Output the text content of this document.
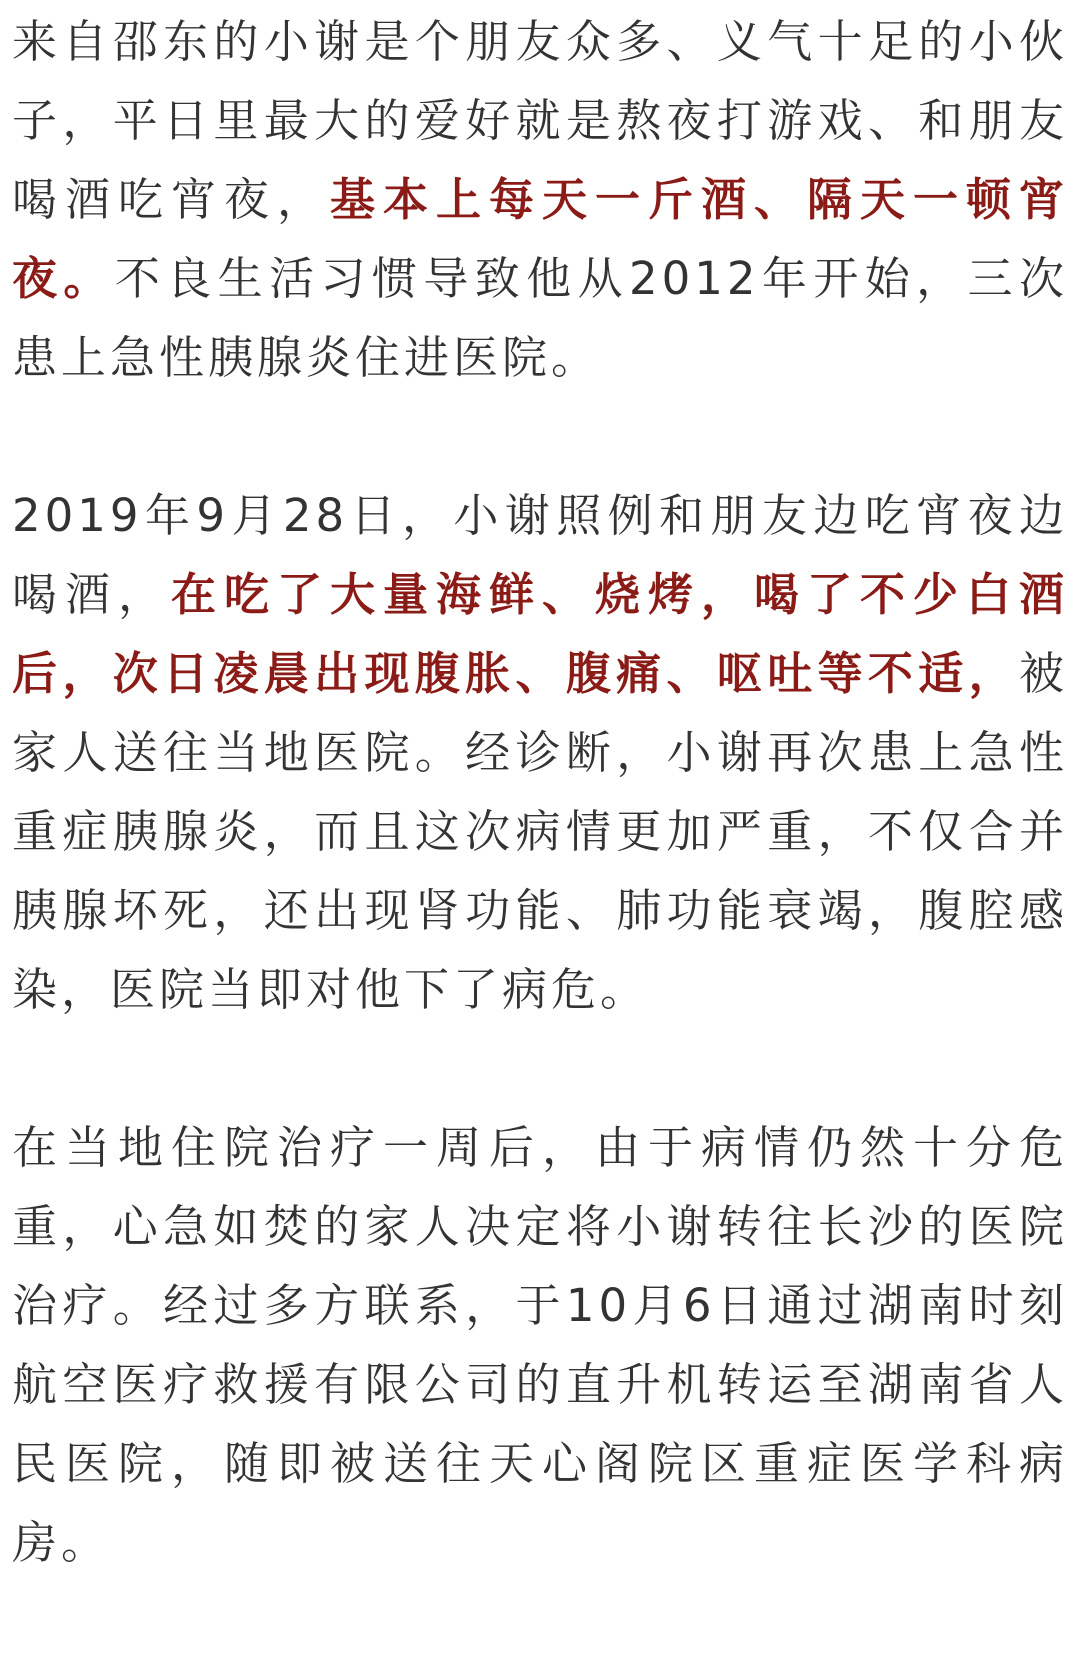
来自邵东的小谢是个朋友众多、义气十足的小伙子，平日里最大的爱好就是熬夜打游戏、和朋友喝酒吃宵夜，基本上每天一斤酒、隔天一顿宵夜。不良生活习惯导致他从2012年开始，三次患上急性胰腺炎住进医院。

2019年9月28日，小谢照例和朋友边吃宵夜边喝酒，在吃了大量海鲜、烧烤，喝了不少白酒后，次日凌晨出现腹胀、腹痛、呕吐等不适，被家人送往当地医院。经诊断，小谢再次患上急性重症胰腺炎，而且这次病情更加严重，不仅合并胰腺坏死，还出现肾功能、肺功能衰竭，腹腔感染，医院当即对他下了病危。

在当地住院治疗一周后，由于病情仍然十分危重，心急如焚的家人决定将小谢转往长沙的医院治疗。经过多方联系，于10月6日通过湖南时刻航空医疗救援有限公司的直升机转运至湖南省人民医院，随即被送往天心阁院区重症医学科病房。
